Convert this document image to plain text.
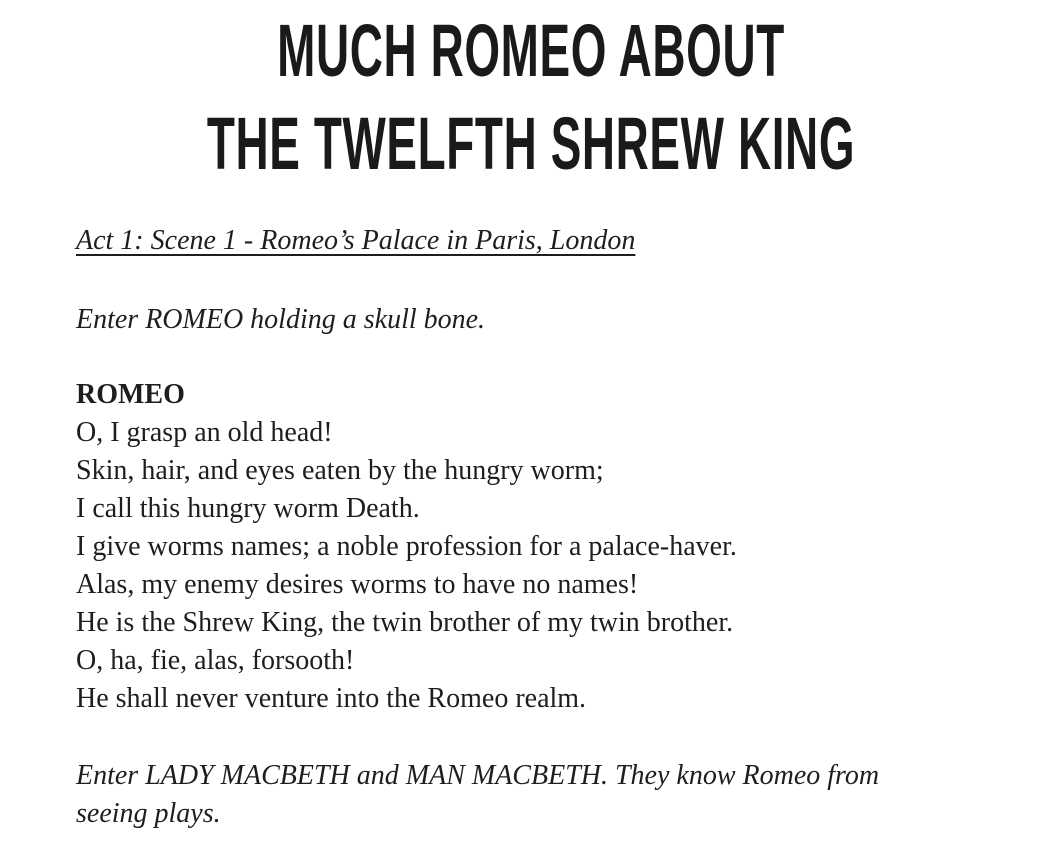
MUCH ROMEO ABOUT
THE TWELFTH SHREW KING
Act 1: Scene 1 - Romeo’s Palace in Paris, London
Enter ROMEO holding a skull bone.
ROMEO
O, I grasp an old head!
Skin, hair, and eyes eaten by the hungry worm;
I call this hungry worm Death.
I give worms names; a noble profession for a palace-haver.
Alas, my enemy desires worms to have no names!
He is the Shrew King, the twin brother of my twin brother.
O, ha, fie, alas, forsooth!
He shall never venture into the Romeo realm.
Enter LADY MACBETH and MAN MACBETH. They know Romeo from
seeing plays.
